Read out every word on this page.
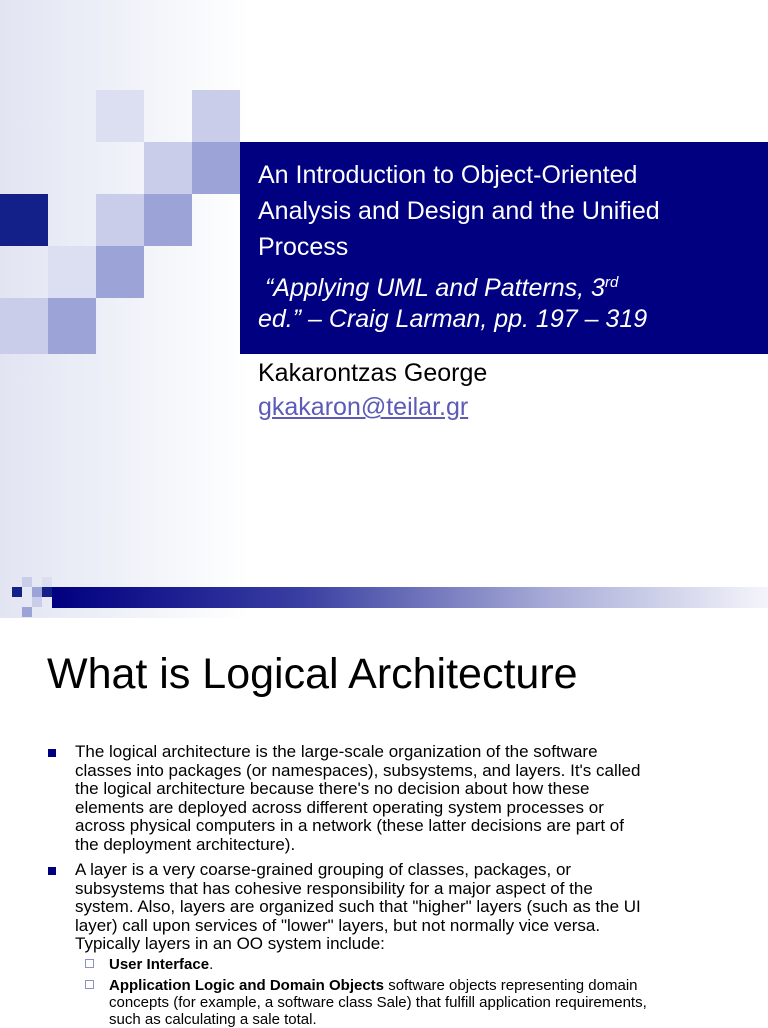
An Introduction to Object-Oriented
Analysis and Design and the Unified
Process
“Applying UML and Patterns, 3rd
ed.” – Craig Larman, pp. 197 – 319
Kakarontzas George
gkakaron@teilar.gr
What is Logical Architecture

The logical architecture is the large-scale organization of the software
classes into packages (or namespaces), subsystems, and layers. It's called
the logical architecture because there's no decision about how these
elements are deployed across different operating system processes or
across physical computers in a network (these latter decisions are part of
the deployment architecture).

A layer is a very coarse-grained grouping of classes, packages, or
subsystems that has cohesive responsibility for a major aspect of the
system. Also, layers are organized such that "higher" layers (such as the UI
layer) call upon services of "lower" layers, but not normally vice versa.
Typically layers in an OO system include:

User Interface.

Application Logic and Domain Objects software objects representing domain
concepts (for example, a software class Sale) that fulfill application requirements,
such as calculating a sale total.
